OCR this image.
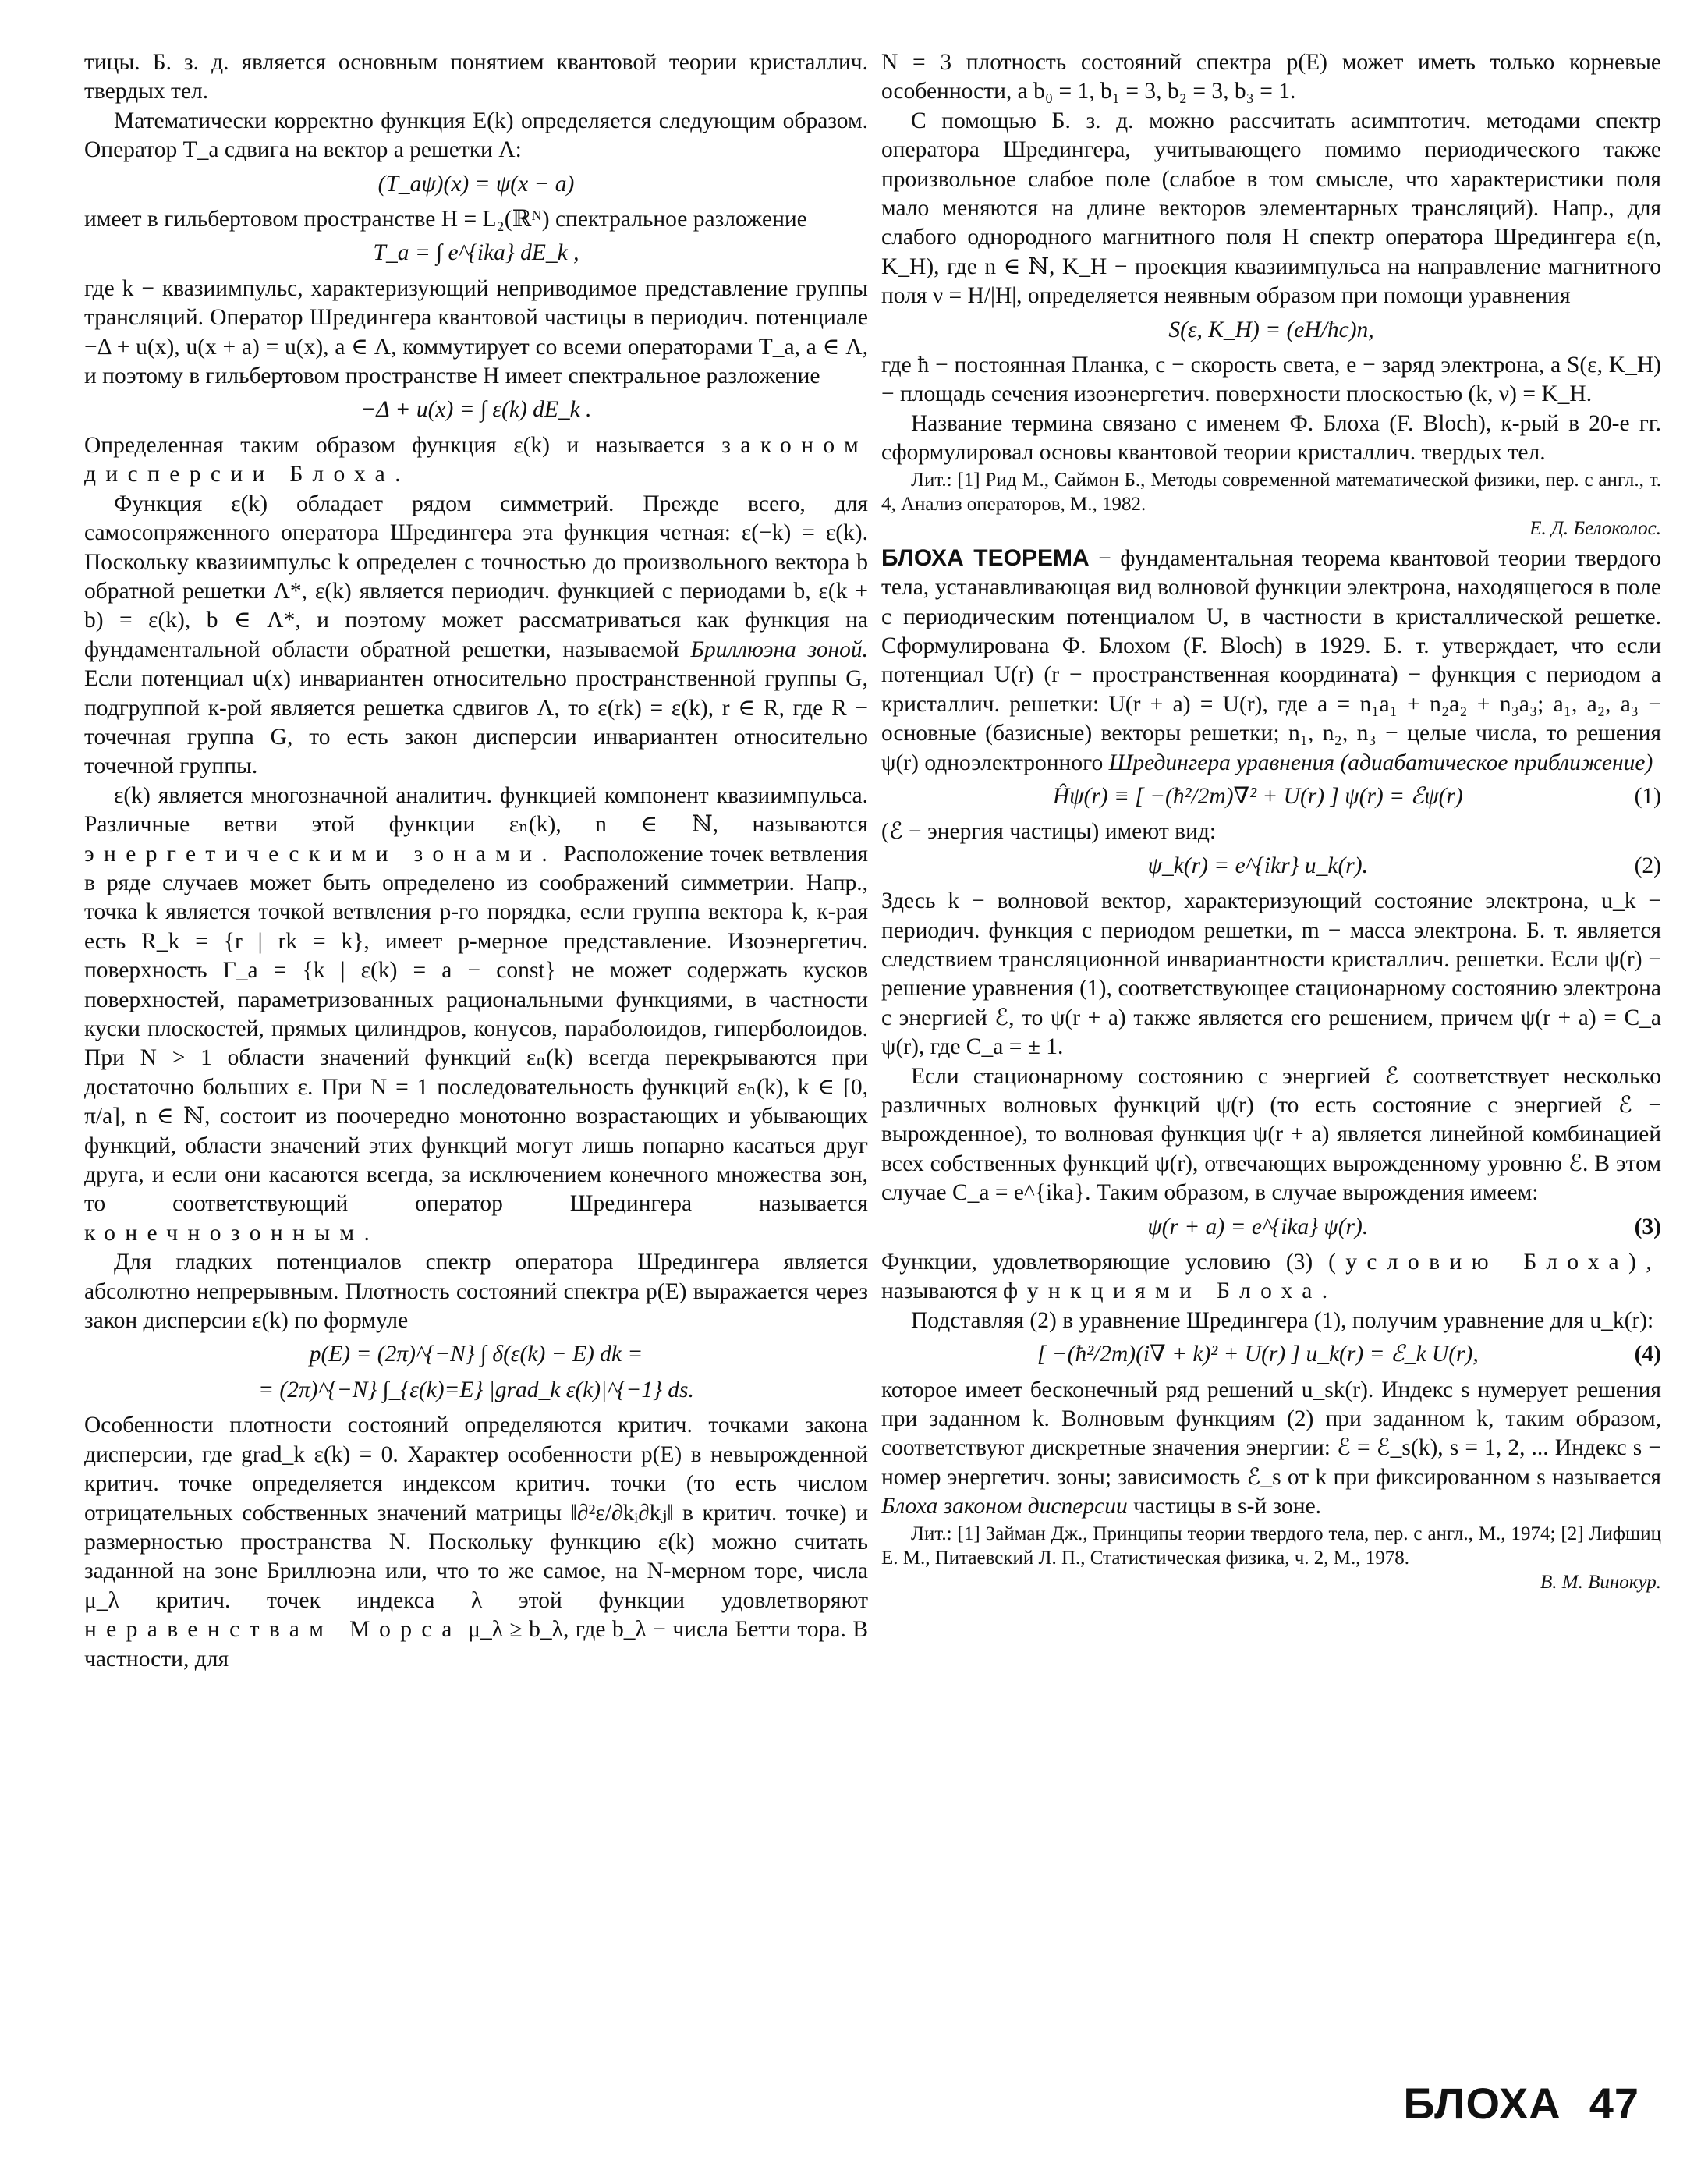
тицы. Б. з. д. является основным понятием квантовой теории кристаллич. твердых тел.

Математически корректно функция E(k) определяется следующим образом. Оператор T_a сдвига на вектор a решетки Λ:

(T_aψ)(x) = ψ(x − a)

имеет в гильбертовом пространстве H = L₂(ℝᴺ) спектральное разложение

T_a = ∫ e^{ika} dE_k ,

где k − квазиимпульс, характеризующий неприводимое представление группы трансляций. Оператор Шредингера квантовой частицы в периодич. потенциале −Δ + u(x), u(x + a) = u(x), a ∈ Λ, коммутирует со всеми операторами T_a, a ∈ Λ, и поэтому в гильбертовом пространстве H имеет спектральное разложение

−Δ + u(x) = ∫ ε(k) dE_k .

Определенная таким образом функция ε(k) и называется законом дисперсии Блоха.

Функция ε(k) обладает рядом симметрий. Прежде всего, для самосопряженного оператора Шредингера эта функция четная: ε(−k) = ε(k). Поскольку квазиимпульс k определен с точностью до произвольного вектора b обратной решетки Λ*, ε(k) является периодич. функцией с периодами b, ε(k + b) = ε(k), b ∈ Λ*, и поэтому может рассматриваться как функция на фундаментальной области обратной решетки, называемой Бриллюэна зоной. Если потенциал u(x) инвариантен относительно пространственной группы G, подгруппой к-рой является решетка сдвигов Λ, то ε(rk) = ε(k), r ∈ R, где R − точечная группа G, то есть закон дисперсии инвариантен относительно точечной группы.

ε(k) является многозначной аналитич. функцией компонент квазиимпульса. Различные ветви этой функции εₙ(k), n ∈ ℕ, называются энергетическими зонами. Расположение точек ветвления в ряде случаев может быть определено из соображений симметрии. Напр., точка k является точкой ветвления p-го порядка, если группа вектора k, к-рая есть R_k = {r | rk = k}, имеет p-мерное представление. Изоэнергетич. поверхность Γ_a = {k | ε(k) = a − const} не может содержать кусков поверхностей, параметризованных рациональными функциями, в частности куски плоскостей, прямых цилиндров, конусов, параболоидов, гиперболоидов. При N > 1 области значений функций εₙ(k) всегда перекрываются при достаточно больших ε. При N = 1 последовательность функций εₙ(k), k ∈ [0, π/a], n ∈ ℕ, состоит из поочередно монотонно возрастающих и убывающих функций, области значений этих функций могут лишь попарно касаться друг друга, и если они касаются всегда, за исключением конечного множества зон, то соответствующий оператор Шредингера называется конечнозонным.

Для гладких потенциалов спектр оператора Шредингера является абсолютно непрерывным. Плотность состояний спектра p(E) выражается через закон дисперсии ε(k) по формуле

p(E) = (2π)^{−N} ∫ δ(ε(k) − E) dk =
= (2π)^{−N} ∫_{ε(k)=E} |grad_k ε(k)|^{−1} ds.

Особенности плотности состояний определяются критич. точками закона дисперсии, где grad_k ε(k) = 0. Характер особенности p(E) в невырожденной критич. точке определяется индексом критич. точки (то есть числом отрицательных собственных значений матрицы ‖∂²ε/∂kᵢ∂kⱼ‖ в критич. точке) и размерностью пространства N. Поскольку функцию ε(k) можно считать заданной на зоне Бриллюэна или, что то же самое, на N-мерном торе, числа μ_λ критич. точек индекса λ этой функции удовлетворяют неравенствам Морса μ_λ ≥ b_λ, где b_λ − числа Бетти тора. В частности, для

N = 3 плотность состояний спектра p(E) может иметь только корневые особенности, а b₀ = 1, b₁ = 3, b₂ = 3, b₃ = 1.

С помощью Б. з. д. можно рассчитать асимптотич. методами спектр оператора Шредингера, учитывающего помимо периодического также произвольное слабое поле (слабое в том смысле, что характеристики поля мало меняются на длине векторов элементарных трансляций). Напр., для слабого однородного магнитного поля H спектр оператора Шредингера ε(n, K_H), где n ∈ ℕ, K_H − проекция квазиимпульса на направление магнитного поля ν = H/|H|, определяется неявным образом при помощи уравнения

S(ε, K_H) = (eH/ħc)n,

где ħ − постоянная Планка, c − скорость света, e − заряд электрона, а S(ε, K_H) − площадь сечения изоэнергетич. поверхности плоскостью (k, ν) = K_H.

Название термина связано с именем Ф. Блоха (F. Bloch), к-рый в 20-е гг. сформулировал основы квантовой теории кристаллич. твердых тел.

Лит.: [1] Рид М., Саймон Б., Методы современной математической физики, пер. с англ., т. 4, Анализ операторов, М., 1982.

Е. Д. Белоколос.

БЛОХА ТЕОРЕМА − фундаментальная теорема квантовой теории твердого тела, устанавливающая вид волновой функции электрона, находящегося в поле с периодическим потенциалом U, в частности в кристаллической решетке. Сформулирована Ф. Блохом (F. Bloch) в 1929. Б. т. утверждает, что если потенциал U(r) (r − пространственная координата) − функция с периодом a кристаллич. решетки: U(r + a) = U(r), где a = n₁a₁ + n₂a₂ + n₃a₃; a₁, a₂, a₃ − основные (базисные) векторы решетки; n₁, n₂, n₃ − целые числа, то решения ψ(r) одноэлектронного Шредингера уравнения (адиабатическое приближение)

Ĥψ(r) ≡ [ −(ħ²/2m)∇² + U(r) ] ψ(r) = ℰψ(r)	(1)

(ℰ − энергия частицы) имеют вид:

ψ_k(r) = e^{ikr} u_k(r).	(2)

Здесь k − волновой вектор, характеризующий состояние электрона, u_k − периодич. функция с периодом решетки, m − масса электрона. Б. т. является следствием трансляционной инвариантности кристаллич. решетки. Если ψ(r) − решение уравнения (1), соответствующее стационарному состоянию электрона с энергией ℰ, то ψ(r + a) также является его решением, причем ψ(r + a) = C_a ψ(r), где C_a = ± 1.

Если стационарному состоянию с энергией ℰ соответствует несколько различных волновых функций ψ(r) (то есть состояние с энергией ℰ − вырожденное), то волновая функция ψ(r + a) является линейной комбинацией всех собственных функций ψ(r), отвечающих вырожденному уровню ℰ. В этом случае C_a = e^{ika}. Таким образом, в случае вырождения имеем:

ψ(r + a) = e^{ika} ψ(r).	(3)

Функции, удовлетворяющие условию (3) (условию Блоха), называются функциями Блоха.

Подставляя (2) в уравнение Шредингера (1), получим уравнение для u_k(r):

[ −(ħ²/2m)(i∇ + k)² + U(r) ] u_k(r) = ℰ_k U(r),	(4)

которое имеет бесконечный ряд решений u_sk(r). Индекс s нумерует решения при заданном k. Волновым функциям (2) при заданном k, таким образом, соответствуют дискретные значения энергии: ℰ = ℰ_s(k), s = 1, 2, ... Индекс s − номер энергетич. зоны; зависимость ℰ_s от k при фиксированном s называется Блоха законом дисперсии частицы в s-й зоне.

Лит.: [1] Займан Дж., Принципы теории твердого тела, пер. с англ., М., 1974; [2] Лифшиц Е. М., Питаевский Л. П., Статистическая физика, ч. 2, М., 1978.

В. М. Винокур.
БЛОХА 47
